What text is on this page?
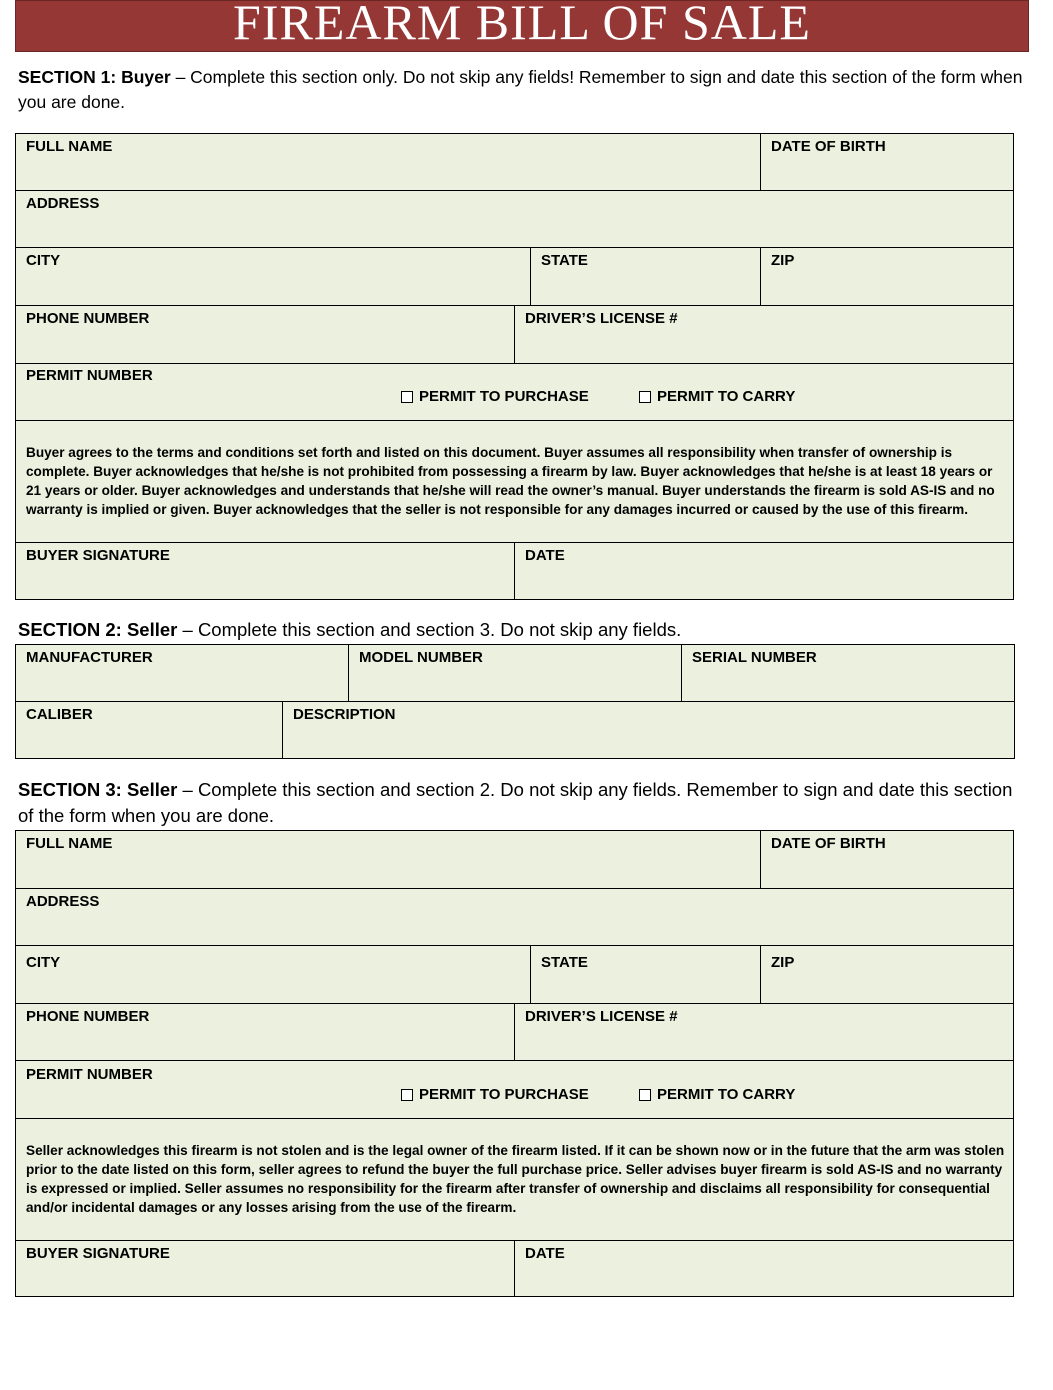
FIREARM BILL OF SALE
SECTION 1: Buyer – Complete this section only. Do not skip any fields! Remember to sign and date this section of the form when you are done.
FULL NAME	DATE OF BIRTH
ADDRESS
CITY	STATE	ZIP
PHONE NUMBER	DRIVER’S LICENSE #
PERMIT NUMBER
PERMIT TO PURCHASE	PERMIT TO CARRY
Buyer agrees to the terms and conditions set forth and listed on this document. Buyer assumes all responsibility when transfer of ownership is complete. Buyer acknowledges that he/she is not prohibited from possessing a firearm by law. Buyer acknowledges that he/she is at least 18 years or 21 years or older. Buyer acknowledges and understands that he/she will read the owner’s manual. Buyer understands the firearm is sold AS-IS and no warranty is implied or given. Buyer acknowledges that the seller is not responsible for any damages incurred or caused by the use of this firearm.
BUYER SIGNATURE	DATE
SECTION 2: Seller – Complete this section and section 3. Do not skip any fields.
MANUFACTURER	MODEL NUMBER	SERIAL NUMBER
CALIBER	DESCRIPTION
SECTION 3: Seller – Complete this section and section 2. Do not skip any fields. Remember to sign and date this section of the form when you are done.
FULL NAME	DATE OF BIRTH
ADDRESS
CITY	STATE	ZIP
PHONE NUMBER	DRIVER’S LICENSE #
PERMIT NUMBER
PERMIT TO PURCHASE	PERMIT TO CARRY
Seller acknowledges this firearm is not stolen and is the legal owner of the firearm listed. If it can be shown now or in the future that the arm was stolen prior to the date listed on this form, seller agrees to refund the buyer the full purchase price. Seller advises buyer firearm is sold AS-IS and no warranty is expressed or implied. Seller assumes no responsibility for the firearm after transfer of ownership and disclaims all responsibility for consequential and/or incidental damages or any losses arising from the use of the firearm.
BUYER SIGNATURE	DATE
